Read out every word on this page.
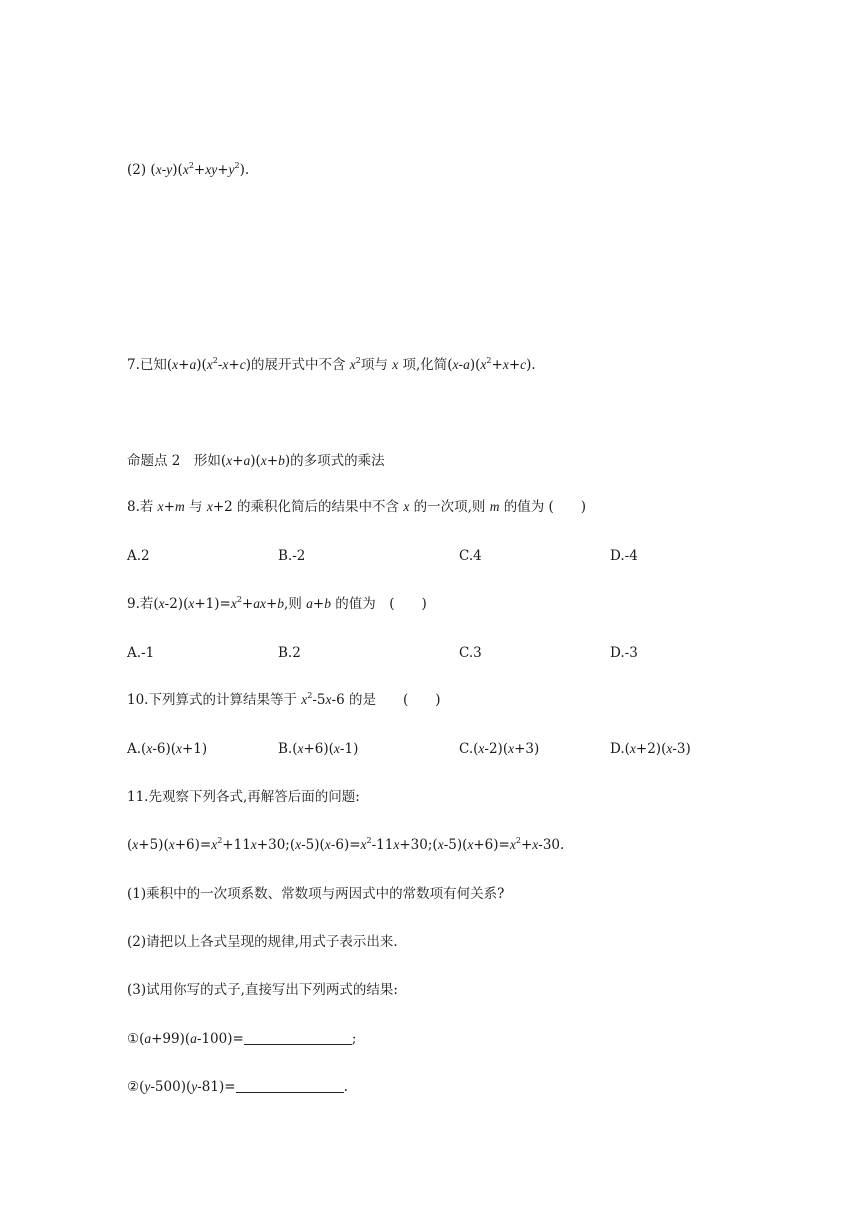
(2) $(x-y)(x^2+xy+y^2)$.
7.已知$(x+a)(x^2-x+c)$的展开式中不含 $x^2$项与 x 项,化简$(x-a)(x^2+x+c)$.
命题点 2　形如(x+a)(x+b)的多项式的乘法
8.若 x+m 与 x+2 的乘积化简后的结果中不含 x 的一次项,则 m 的值为 (　　)
A.2	B.-2	C.4	D.-4
9.若$(x-2)(x+1)=x^2+ax+b$,则 a+b 的值为　(　　)
A.-1	B.2	C.3	D.-3
10.下列算式的计算结果等于 $x^2-5x-6$ 的是　　(　　)
A.(x-6)(x+1)	B.(x+6)(x-1)	C.(x-2)(x+3)	D.(x+2)(x-3)
11.先观察下列各式,再解答后面的问题:
$(x+5)(x+6)=x^2+11x+30;(x-5)(x-6)=x^2-11x+30;(x-5)(x+6)=x^2+x-30$.
(1)乘积中的一次项系数、常数项与两因式中的常数项有何关系?
(2)请把以上各式呈现的规律,用式子表示出来.
(3)试用你写的式子,直接写出下列两式的结果:
①(a+99)(a-100)=	;
②(y-500)(y-81)=	.
